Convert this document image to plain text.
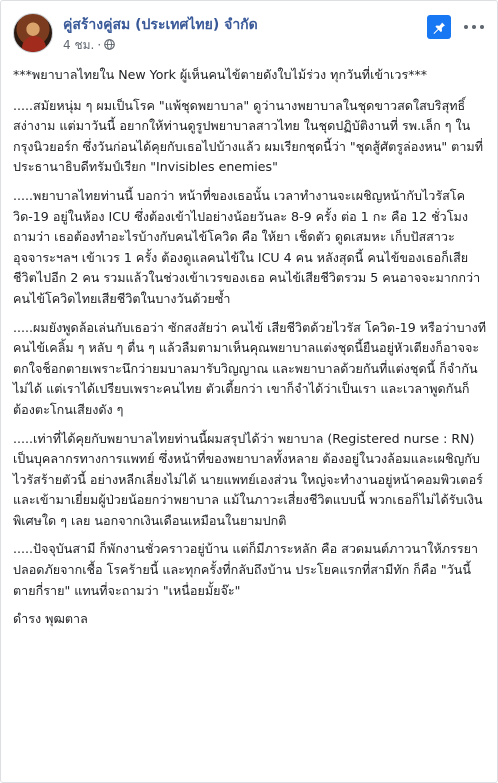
คู่สร้างคู่สม (ประเทศไทย) จำกัด
4 ชม. ·

***พยาบาลไทยใน New York ผู้เห็นคนไข้ตายดังใบไม้ร่วง ทุกวันที่เข้าเวร***

.....สมัยหนุ่ม ๆ ผมเป็นโรค "แพ้ชุดพยาบาล" ดูว่านางพยาบาลในชุดขาวสดใสบริสุทธิ์ สง่างาม แต่มาวันนี้ อยากให้ท่านดูรูปพยาบาลสาวไทย ในชุดปฏิบัติงานที่ รพ.เล็ก ๆ ในกรุงนิวยอร์ก ซึ่งวันก่อนได้คุยกับเธอไปบ้างแล้ว ผมเรียกชุดนี้ว่า "ชุดสู้ศัตรูล่องหน" ตามที่ประธานาธิบดีทรัมป์เรียก "Invisibles enemies"

.....พยาบาลไทยท่านนี้ บอกว่า หน้าที่ของเธอนั้น เวลาทำงานจะเผชิญหน้ากับไวรัสโควิด-19 อยู่ในห้อง ICU ซึ่งต้องเข้าไปอย่างน้อยวันละ 8-9 ครั้ง ต่อ 1 กะ คือ 12 ชั่วโมง ถามว่า เธอต้องทำอะไรบ้างกับคนไข้โควิด คือ ให้ยา เช็ดตัว ดูดเสมหะ เก็บปัสสาวะ อุจจาระฯลฯ เข้าเวร 1 ครั้ง ต้องดูแลคนไข้ใน ICU 4 คน หลังสุดนี้ คนไข้ของเธอก็เสียชีวิตไปอีก 2 คน รวมแล้วในช่วงเข้าเวรของเธอ คนไข้เสียชีวิตรวม 5 คนอาจจะมากกว่าคนไข้โควิดไทยเสียชีวิตในบางวันด้วยซ้ำ

.....ผมยังพูดล้อเล่นกับเธอว่า ซักสงสัยว่า คนไข้ เสียชีวิตด้วยไวรัส โควิด-19 หรือว่าบางทีคนไข้เคลิ้ม ๆ หลับ ๆ ตื่น ๆ แล้วลืมตามาเห็นคุณพยาบาลแต่งชุดนี้ยืนอยู่หัวเตียงก็อาจจะตกใจช็อกตายเพราะนึกว่ายมบาลมารับวิญญาณ และพยาบาลด้วยกันที่แต่งชุดนี้ ก็จำกันไม่ได้ แต่เราได้เปรียบเพราะคนไทย ตัวเตี้ยกว่า เขาก็จำได้ว่าเป็นเรา และเวลาพูดกันก็ต้องตะโกนเสียงดัง ๆ

.....เท่าที่ได้คุยกับพยาบาลไทยท่านนี้ผมสรุปได้ว่า พยาบาล (Registered nurse : RN) เป็นบุคลากรทางการแพทย์ ซึ่งหน้าที่ของพยาบาลทั้งหลาย ต้องอยู่ในวงล้อมและเผชิญกับไวรัสร้ายตัวนี้ อย่างหลีกเลี่ยงไม่ได้ นายแพทย์เองส่วน ใหญ่จะทำงานอยู่หน้าคอมพิวเตอร์ และเข้ามาเยี่ยมผู้ป่วยน้อยกว่าพยาบาล แม้ในภาวะเสี่ยงชีวิตแบบนี้ พวกเธอก็ไม่ได้รับเงินพิเศษใด ๆ เลย นอกจากเงินเดือนเหมือนในยามปกติ

.....ปัจจุบันสามี ก็พักงานชั่วคราวอยู่บ้าน แต่ก็มีภาระหลัก คือ สวดมนต์ภาวนาให้ภรรยาปลอดภัยจากเชื้อ โรคร้ายนี้ และทุกครั้งที่กลับถึงบ้าน ประโยคแรกที่สามีทัก ก็คือ "วันนี้ตายกี่ราย" แทนที่จะถามว่า "เหนื่อยมั้ยจ๊ะ"

ดำรง พุฒตาล
